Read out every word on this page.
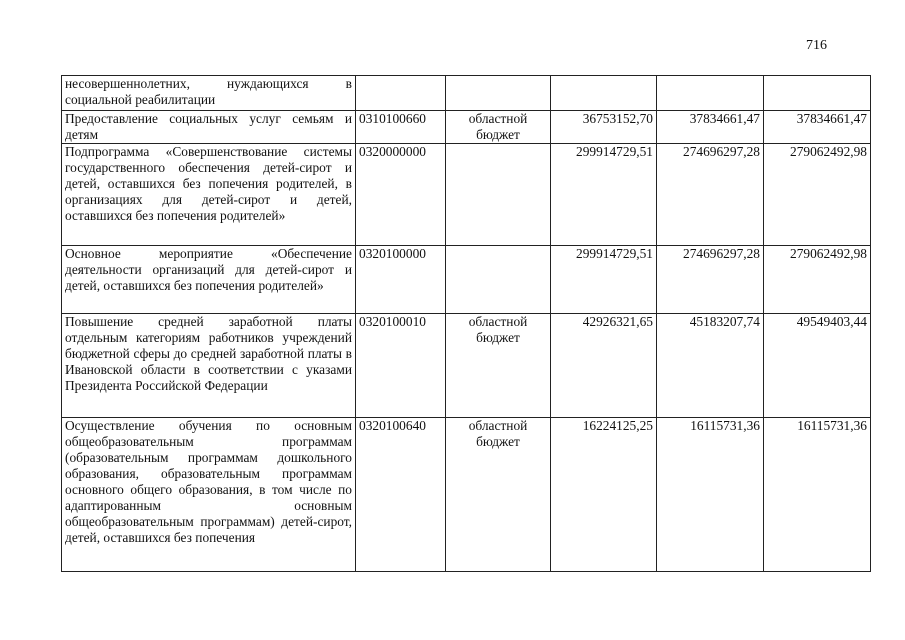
716
несовершеннолетних, нуждающихся в социальной реабилитации					
Предоставление социальных услуг семьям и детям	0310100660	областной бюджет	36753152,70	37834661,47	37834661,47
Подпрограмма «Совершенствование системы государственного обеспечения детей-сирот и детей, оставшихся без попечения родителей, в организациях для детей-сирот и детей, оставшихся без попечения родителей»	0320000000		299914729,51	274696297,28	279062492,98
Основное мероприятие «Обеспечение деятельности организаций для детей-сирот и детей, оставшихся без попечения родителей»	0320100000		299914729,51	274696297,28	279062492,98
Повышение средней заработной платы отдельным категориям работников учреждений бюджетной сферы до средней заработной платы в Ивановской области в соответствии с указами Президента Российской Федерации	0320100010	областной бюджет	42926321,65	45183207,74	49549403,44
Осуществление обучения по основным общеобразовательным программам (образовательным программам дошкольного образования, образовательным программам основного общего образования, в том числе по адаптированным основным общеобразовательным программам) детей-сирот, детей, оставшихся без попечения	0320100640	областной бюджет	16224125,25	16115731,36	16115731,36
